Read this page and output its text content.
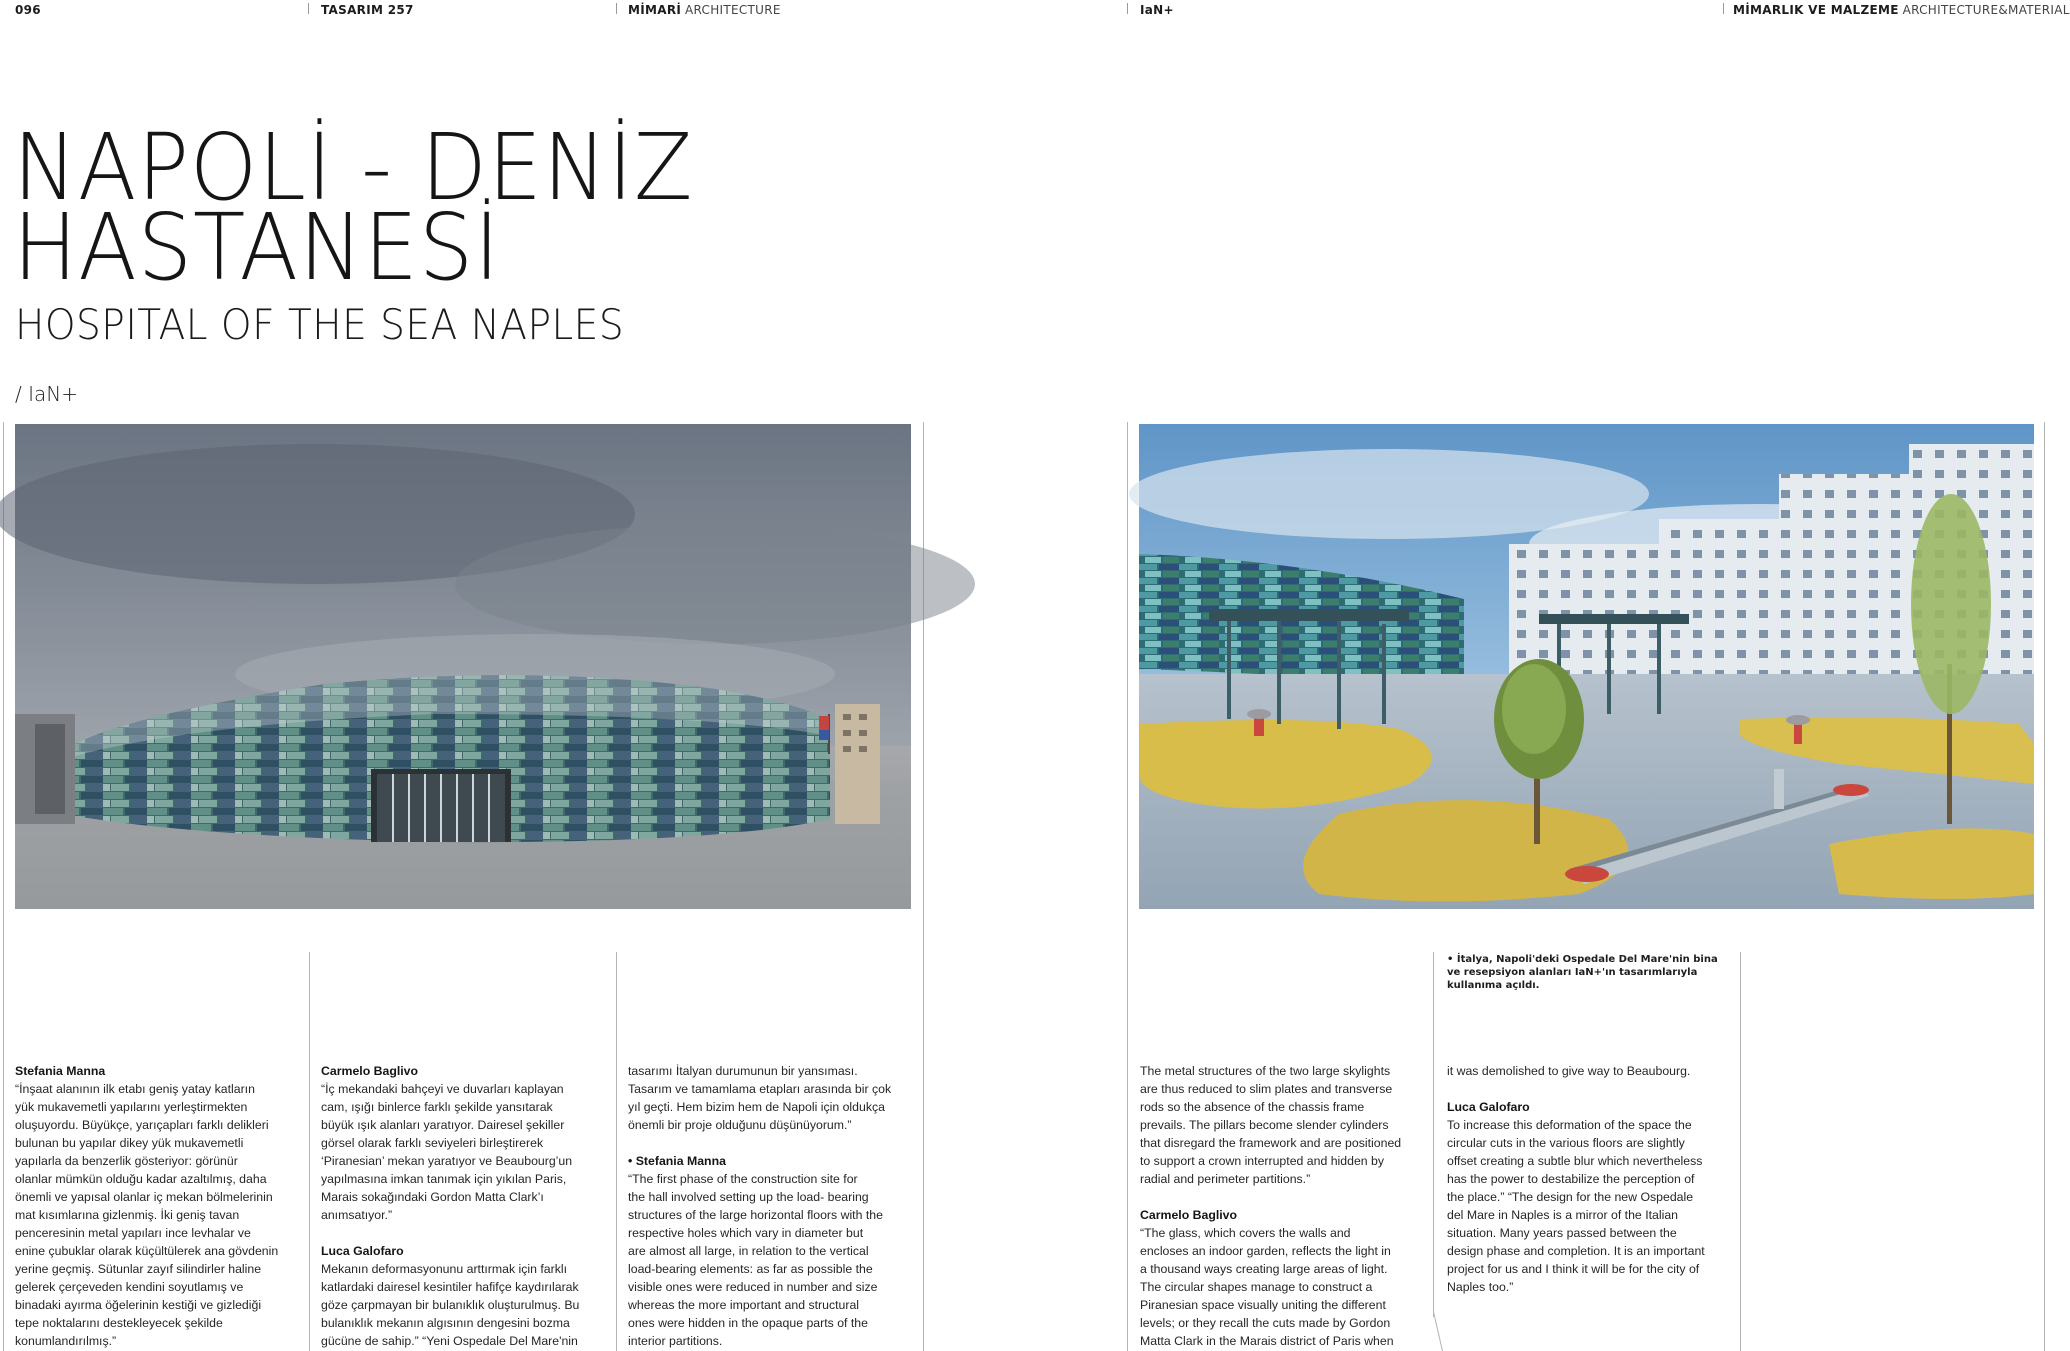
096	TASARIM 257	MİMARİ ARCHITECTURE	IaN+	MİMARLIK VE MALZEME ARCHITECTURE&MATERIAL
NAPOLİ - DENİZ
HASTANESİ
HOSPITAL OF THE SEA NAPLES
/ IaN+
• İtalya, Napoli'deki Ospedale Del Mare'nin bina
ve resepsiyon alanları IaN+'ın tasarımlarıyla
kullanıma açıldı.
Stefania Manna
“İnşaat alanının ilk etabı geniş yatay katların
yük mukavemetli yapılarını yerleştirmekten
oluşuyordu. Büyükçe, yarıçapları farklı delikleri
bulunan bu yapılar dikey yük mukavemetli
yapılarla da benzerlik gösteriyor: görünür
olanlar mümkün olduğu kadar azaltılmış, daha
önemli ve yapısal olanlar iç mekan bölmelerinin
mat kısımlarına gizlenmiş. İki geniş tavan
penceresinin metal yapıları ince levhalar ve
enine çubuklar olarak küçültülerek ana gövdenin
yerine geçmiş. Sütunlar zayıf silindirler haline
gelerek çerçeveden kendini soyutlamış ve
binadaki ayırma öğelerinin kestiği ve gizlediği
tepe noktalarını destekleyecek şekilde
konumlandırılmış.”
Carmelo Baglivo
“İç mekandaki bahçeyi ve duvarları kaplayan
cam, ışığı binlerce farklı şekilde yansıtarak
büyük ışık alanları yaratıyor. Dairesel şekiller
görsel olarak farklı seviyeleri birleştirerek
‘Piranesian’ mekan yaratıyor ve Beaubourg’un
yapılmasına imkan tanımak için yıkılan Paris,
Marais sokağındaki Gordon Matta Clark’ı
anımsatıyor.”
Luca Galofaro
Mekanın deformasyonunu arttırmak için farklı
katlardaki dairesel kesintiler hafifçe kaydırılarak
göze çarpmayan bir bulanıklık oluşturulmuş. Bu
bulanıklık mekanın algısının dengesini bozma
gücüne de sahip.” “Yeni Ospedale Del Mare'nin
tasarımı İtalyan durumunun bir yansıması.
Tasarım ve tamamlama etapları arasında bir çok
yıl geçti. Hem bizim hem de Napoli için oldukça
önemli bir proje olduğunu düşünüyorum.”
• Stefania Manna
“The first phase of the construction site for
the hall involved setting up the load- bearing
structures of the large horizontal floors with the
respective holes which vary in diameter but
are almost all large, in relation to the vertical
load-bearing elements: as far as possible the
visible ones were reduced in number and size
whereas the more important and structural
ones were hidden in the opaque parts of the
interior partitions.
The metal structures of the two large skylights
are thus reduced to slim plates and transverse
rods so the absence of the chassis frame
prevails. The pillars become slender cylinders
that disregard the framework and are positioned
to support a crown interrupted and hidden by
radial and perimeter partitions.”
Carmelo Baglivo
“The glass, which covers the walls and
encloses an indoor garden, reflects the light in
a thousand ways creating large areas of light.
The circular shapes manage to construct a
Piranesian space visually uniting the different
levels; or they recall the cuts made by Gordon
Matta Clark in the Marais district of Paris when
it was demolished to give way to Beaubourg.
Luca Galofaro
To increase this deformation of the space the
circular cuts in the various floors are slightly
offset creating a subtle blur which nevertheless
has the power to destabilize the perception of
the place.” “The design for the new Ospedale
del Mare in Naples is a mirror of the Italian
situation. Many years passed between the
design phase and completion. It is an important
project for us and I think it will be for the city of
Naples too.”
